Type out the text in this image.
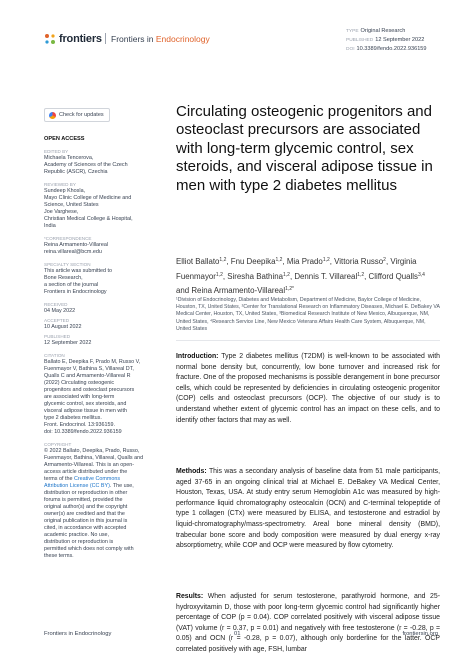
frontiers Frontiers in Endocrinology
TYPE Original Research
PUBLISHED 12 September 2022
DOI 10.3389/fendo.2022.936159
Check for updates
OPEN ACCESS
EDITED BY
Michaela Tencerova,
Academy of Sciences of the Czech
Republic (ASCR), Czechia
REVIEWED BY
Sundeep Khosla,
Mayo Clinic College of Medicine and
Science, United States
Joe Varghese,
Christian Medical College & Hospital,
India
*CORRESPONDENCE
Reina Armamento-Villareal
reina.villareal@bcm.edu
SPECIALTY SECTION
This article was submitted to
Bone Research,
a section of the journal
Frontiers in Endocrinology
RECEIVED
04 May 2022
ACCEPTED
10 August 2022
PUBLISHED
12 September 2022
CITATION
Ballato E, Deepika F, Prado M, Russo V,
Fuenmayor V, Bathina S, Villareal DT,
Qualls C and Armamento-Villareal R
(2022) Circulating osteogenic
progenitors and osteoclast precursors
are associated with long-term
glycemic control, sex steroids, and
visceral adipose tissue in men with
type 2 diabetes mellitus.
Front. Endocrinol. 13:936159.
doi: 10.3389/fendo.2022.936159
COPYRIGHT
© 2022 Ballato, Deepika, Prado, Russo,
Fuenmayor, Bathina, Villareal, Qualls and
Armamento-Villareal. This is an open-
access article distributed under the
terms of the Creative Commons
Attribution License (CC BY). The use,
distribution or reproduction in other
forums is permitted, provided the
original author(s) and the copyright
owner(s) are credited and that the
original publication in this journal is
cited, in accordance with accepted
academic practice. No use,
distribution or reproduction is
permitted which does not comply with
these terms.
Circulating osteogenic progenitors and osteoclast precursors are associated with long-term glycemic control, sex steroids, and visceral adipose tissue in men with type 2 diabetes mellitus
Elliot Ballato$^{1,2}$, Fnu Deepika$^{1,2}$, Mia Prado$^{1,2}$, Vittoria Russo$^2$, Virginia Fuenmayor$^{1,2}$, Siresha Bathina$^{1,2}$, Dennis T. Villareal$^{1,2}$, Clifford Qualls$^{3,4}$ and Reina Armamento-Villareal$^{1,2*}$
¹Division of Endocrinology, Diabetes and Metabolism, Department of Medicine, Baylor College of Medicine, Houston, TX, United States, ²Center for Translational Research on Inflammatory Diseases, Michael E. DeBakey VA Medical Center, Houston, TX, United States, ³Biomedical Research Institute of New Mexico, Albuquerque, NM, United States, ⁴Research Service Line, New Mexico Veterans Affairs Health Care System, Albuquerque, NM, United States
Introduction: Type 2 diabetes mellitus (T2DM) is well-known to be associated with normal bone density but, concurrently, low bone turnover and increased risk for fracture. One of the proposed mechanisms is possible derangement in bone precursor cells, which could be represented by deficiencies in circulating osteogenic progenitor (COP) cells and osteoclast precursors (OCP). The objective of our study is to understand whether extent of glycemic control has an impact on these cells, and to identify other factors that may as well.
Methods: This was a secondary analysis of baseline data from 51 male participants, aged 37-65 in an ongoing clinical trial at Michael E. DeBakey VA Medical Center, Houston, Texas, USA. At study entry serum Hemoglobin A1c was measured by high-performance liquid chromatography osteocalcin (OCN) and C-terminal telopeptide of type 1 collagen (CTx) were measured by ELISA, and testosterone and estradiol by liquid-chromatography/mass-spectrometry. Areal bone mineral density (BMD), trabecular bone score and body composition were measured by dual energy x-ray absorptiometry, while COP and OCP were measured by flow cytometry.
Results: When adjusted for serum testosterone, parathyroid hormone, and 25-hydroxyvitamin D, those with poor long-term glycemic control had significantly higher percentage of COP (p = 0.04). COP correlated positively with visceral adipose tissue (VAT) volume (r = 0.37, p = 0.01) and negatively with free testosterone (r = -0.28, p = 0.05) and OCN (r = -0.28, p = 0.07), although only borderline for the latter. OCP correlated positively with age, FSH, lumbar
Frontiers in Endocrinology	01	frontiersin.org
